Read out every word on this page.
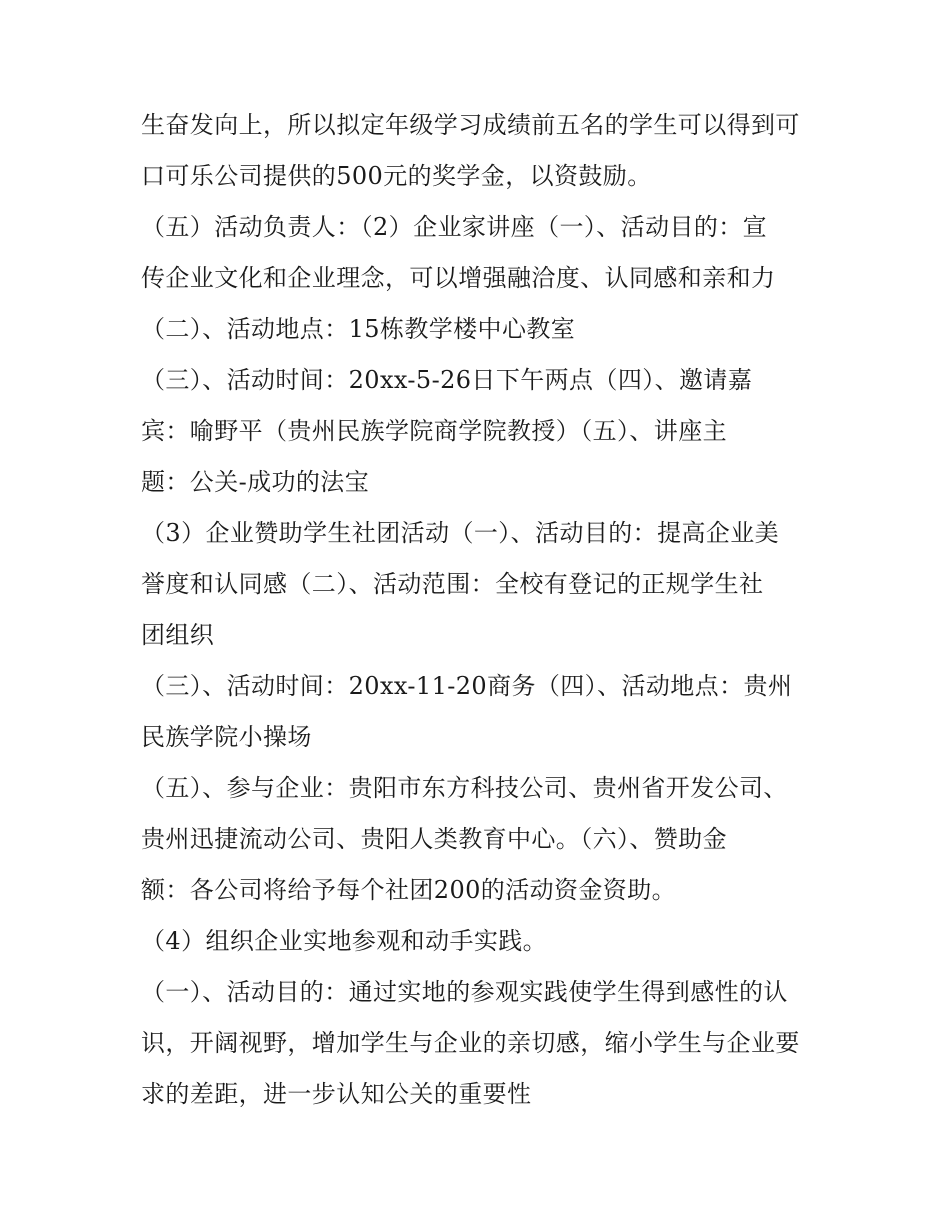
生奋发向上，所以拟定年级学习成绩前五名的学生可以得到可
口可乐公司提供的500元的奖学金，以资鼓励。
（五）活动负责人：（2）企业家讲座（一）、活动目的：宣
传企业文化和企业理念，可以增强融洽度、认同感和亲和力
（二）、活动地点：15栋教学楼中心教室
（三）、活动时间：20xx-5-26日下午两点（四）、邀请嘉
宾：喻野平（贵州民族学院商学院教授）（五）、讲座主
题：公关-成功的法宝
（3）企业赞助学生社团活动（一）、活动目的：提高企业美
誉度和认同感（二）、活动范围：全校有登记的正规学生社
团组织
（三）、活动时间：20xx-11-20商务（四）、活动地点：贵州
民族学院小操场
（五）、参与企业：贵阳市东方科技公司、贵州省开发公司、
贵州迅捷流动公司、贵阳人类教育中心。（六）、赞助金
额：各公司将给予每个社团200的活动资金资助。
（4）组织企业实地参观和动手实践。
（一）、活动目的：通过实地的参观实践使学生得到感性的认
识，开阔视野，增加学生与企业的亲切感，缩小学生与企业要
求的差距，进一步认知公关的重要性
